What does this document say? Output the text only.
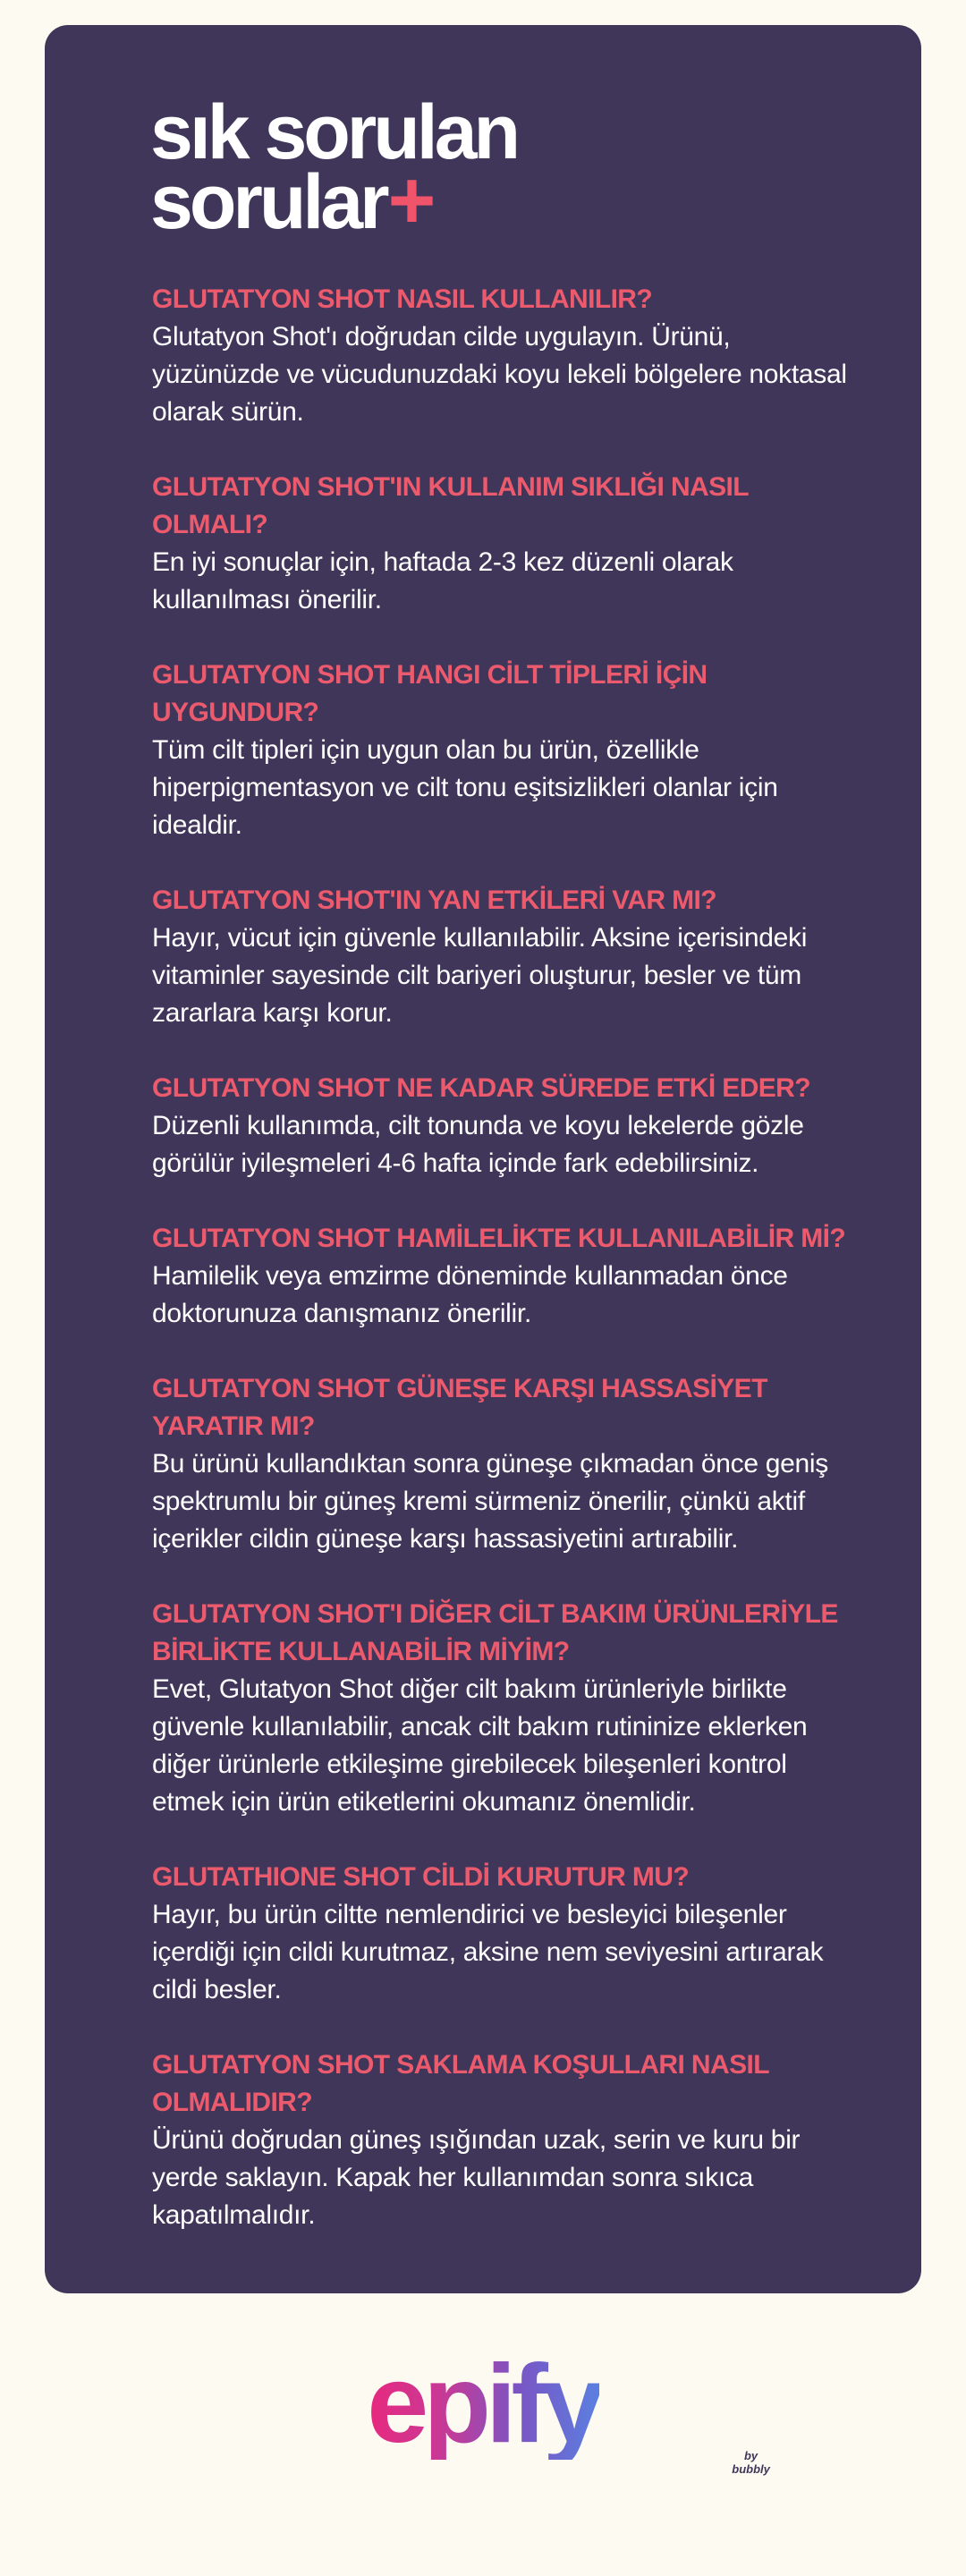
sık sorulan
sorular+

GLUTATYON SHOT NASIL KULLANILIR?

Glutatyon Shot'ı doğrudan cilde uygulayın. Ürünü, yüzünüzde ve vücudunuzdaki koyu lekeli bölgelere noktasal olarak sürün.

GLUTATYON SHOT'IN KULLANIM SIKLIĞI NASIL OLMALI?

En iyi sonuçlar için, haftada 2-3 kez düzenli olarak kullanılması önerilir.

GLUTATYON SHOT HANGI CİLT TİPLERİ İÇİN UYGUNDUR?

Tüm cilt tipleri için uygun olan bu ürün, özellikle hiperpigmentasyon ve cilt tonu eşitsizlikleri olanlar için idealdir.

GLUTATYON SHOT'IN YAN ETKİLERİ VAR MI?

Hayır, vücut için güvenle kullanılabilir. Aksine içerisindeki vitaminler sayesinde cilt bariyeri oluşturur, besler ve tüm zararlara karşı korur.

GLUTATYON SHOT NE KADAR SÜREDE ETKİ EDER?

Düzenli kullanımda, cilt tonunda ve koyu lekelerde gözle görülür iyileşmeleri 4-6 hafta içinde fark edebilirsiniz.

GLUTATYON SHOT HAMİLELİKTE KULLANILABİLİR Mİ?

Hamilelik veya emzirme döneminde kullanmadan önce doktorunuza danışmanız önerilir.

GLUTATYON SHOT GÜNEŞE KARŞI HASSASİYET YARATIR MI?

Bu ürünü kullandıktan sonra güneşe çıkmadan önce geniş spektrumlu bir güneş kremi sürmeniz önerilir, çünkü aktif içerikler cildin güneşe karşı hassasiyetini artırabilir.

GLUTATYON SHOT'I DİĞER CİLT BAKIM ÜRÜNLERİYLE BİRLİKTE KULLANABİLİR MİYİM?

Evet, Glutatyon Shot diğer cilt bakım ürünleriyle birlikte güvenle kullanılabilir, ancak cilt bakım rutininize eklerken diğer ürünlerle etkileşime girebilecek bileşenleri kontrol etmek için ürün etiketlerini okumanız önemlidir.

GLUTATHIONE SHOT CİLDİ KURUTUR MU?

Hayır, bu ürün ciltte nemlendirici ve besleyici bileşenler içerdiği için cildi kurutmaz, aksine nem seviyesini artırarak cildi besler.

GLUTATYON SHOT SAKLAMA KOŞULLARI NASIL OLMALIDIR?

Ürünü doğrudan güneş ışığından uzak, serin ve kuru bir yerde saklayın. Kapak her kullanımdan sonra sıkıca kapatılmalıdır.

epify	by bubbly
